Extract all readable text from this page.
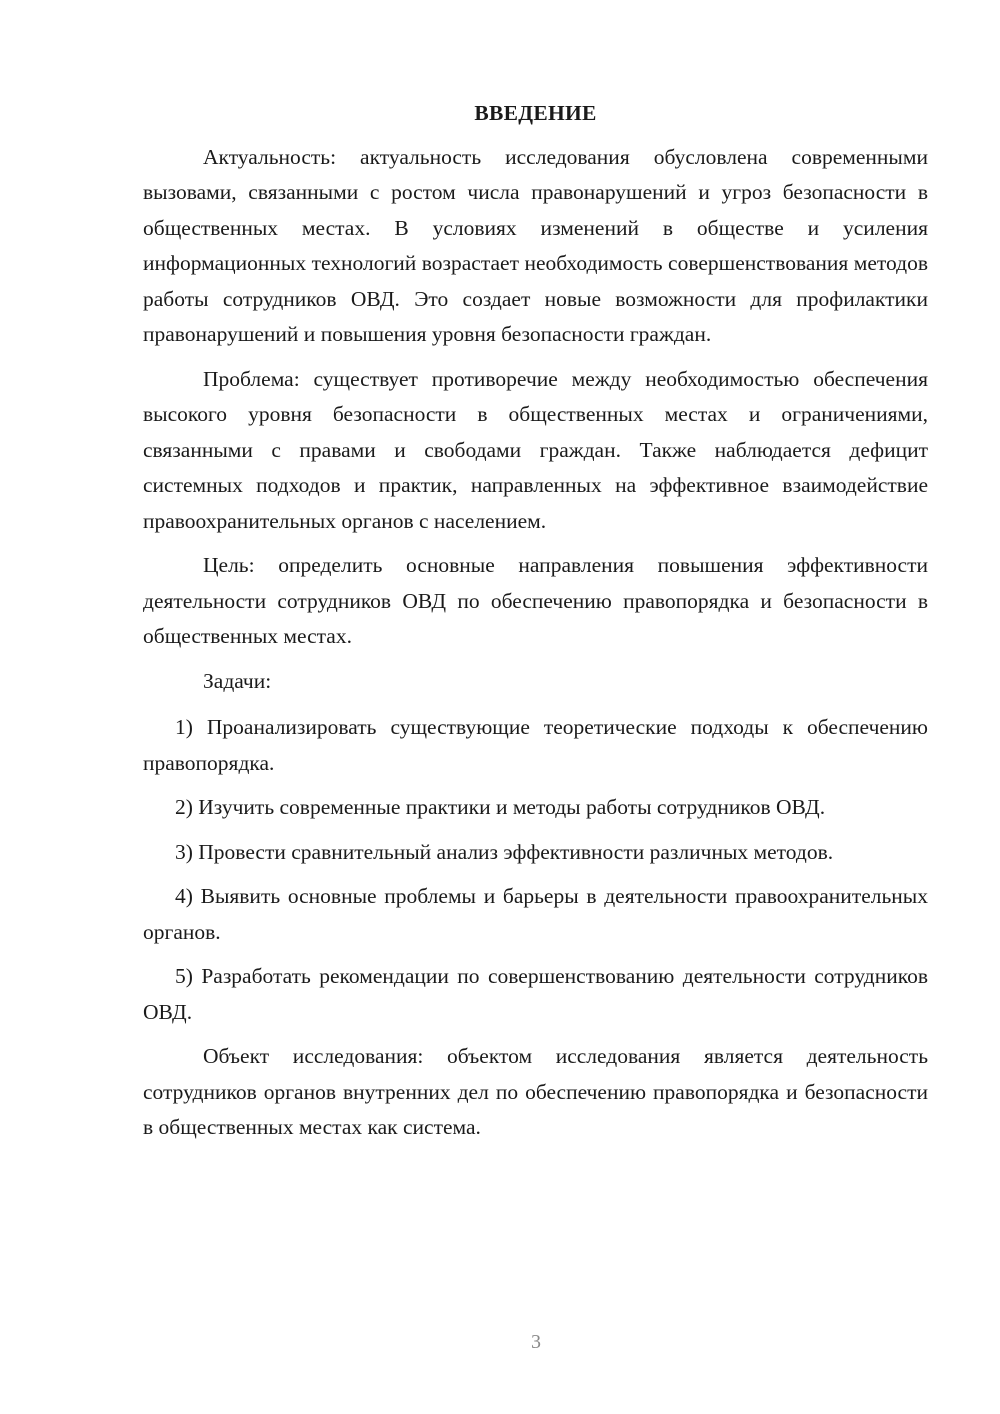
ВВЕДЕНИЕ

Актуальность: актуальность исследования обусловлена современными вызовами, связанными с ростом числа правонарушений и угроз безопасности в общественных местах. В условиях изменений в обществе и усиления информационных технологий возрастает необходимость совершенствования методов работы сотрудников ОВД. Это создает новые возможности для профилактики правонарушений и повышения уровня безопасности граждан.

Проблема: существует противоречие между необходимостью обеспечения высокого уровня безопасности в общественных местах и ограничениями, связанными с правами и свободами граждан. Также наблюдается дефицит системных подходов и практик, направленных на эффективное взаимодействие правоохранительных органов с населением.

Цель: определить основные направления повышения эффективности деятельности сотрудников ОВД по обеспечению правопорядка и безопасности в общественных местах.

Задачи:

1) Проанализировать существующие теоретические подходы к обеспечению правопорядка.

2) Изучить современные практики и методы работы сотрудников ОВД.

3) Провести сравнительный анализ эффективности различных методов.

4) Выявить основные проблемы и барьеры в деятельности правоохранительных органов.

5) Разработать рекомендации по совершенствованию деятельности сотрудников ОВД.

Объект исследования: объектом исследования является деятельность сотрудников органов внутренних дел по обеспечению правопорядка и безопасности в общественных местах как система.

3
